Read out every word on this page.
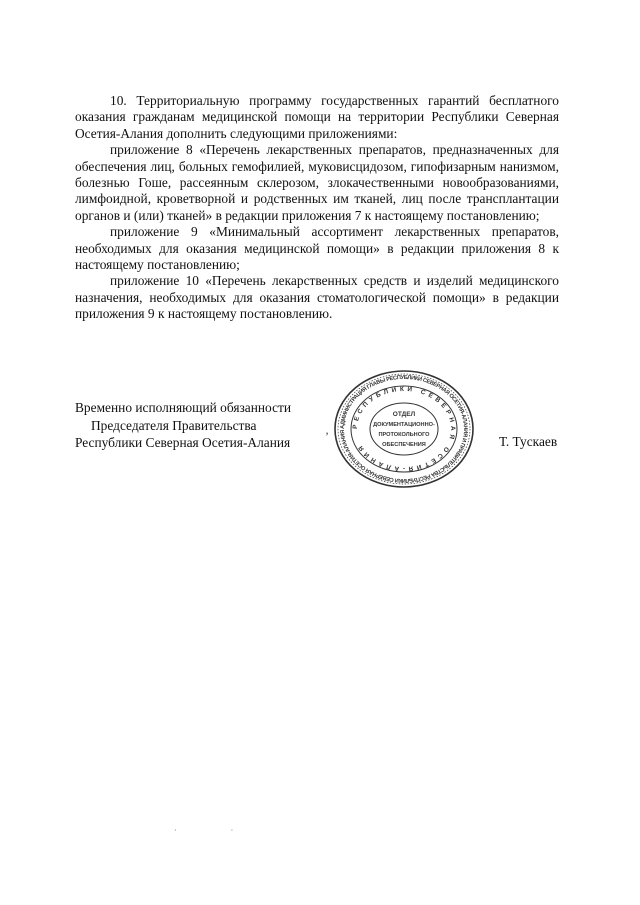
10. Территориальную программу государственных гарантий бесплатного оказания гражданам медицинской помощи на территории Республики Северная Осетия-Алания дополнить следующими приложениями:

приложение 8 «Перечень лекарственных препаратов, предназначенных для обеспечения лиц, больных гемофилией, муковисцидозом, гипофизарным нанизмом, болезнью Гоше, рассеянным склерозом, злокачественными новообразованиями, лимфоидной, кроветворной и родственных им тканей, лиц после трансплантации органов и (или) тканей» в редакции приложения 7 к настоящему постановлению;

приложение 9 «Минимальный ассортимент лекарственных препаратов, необходимых для оказания медицинской помощи» в редакции приложения 8 к настоящему постановлению;

приложение 10 «Перечень лекарственных средств и изделий медицинского назначения, необходимых для оказания стоматологической помощи» в редакции приложения 9 к настоящему постановлению.

Временно исполняющий обязанности
Председателя Правительства
Республики Северная Осетия-Алания	’
АДМИНИСТРАЦИЯ ГЛАВЫ РЕСПУБЛИКИ СЕВЕРНАЯ ОСЕТИЯ-АЛАНИЯ И ПРАВИТЕЛЬСТВА РЕСПУБЛИКИ СЕВЕРНАЯ ОСЕТИЯ-АЛАНИЯ
РЕСПУБЛИКИ СЕВЕРНАЯ ОСЕТИЯ-АЛАНИЯ
ОТДЕЛ
ДОКУМЕНТАЦИОННО-
ПРОТОКОЛЬНОГО
ОБЕСПЕЧЕНИЯ	Т. Тускаев
· ·
